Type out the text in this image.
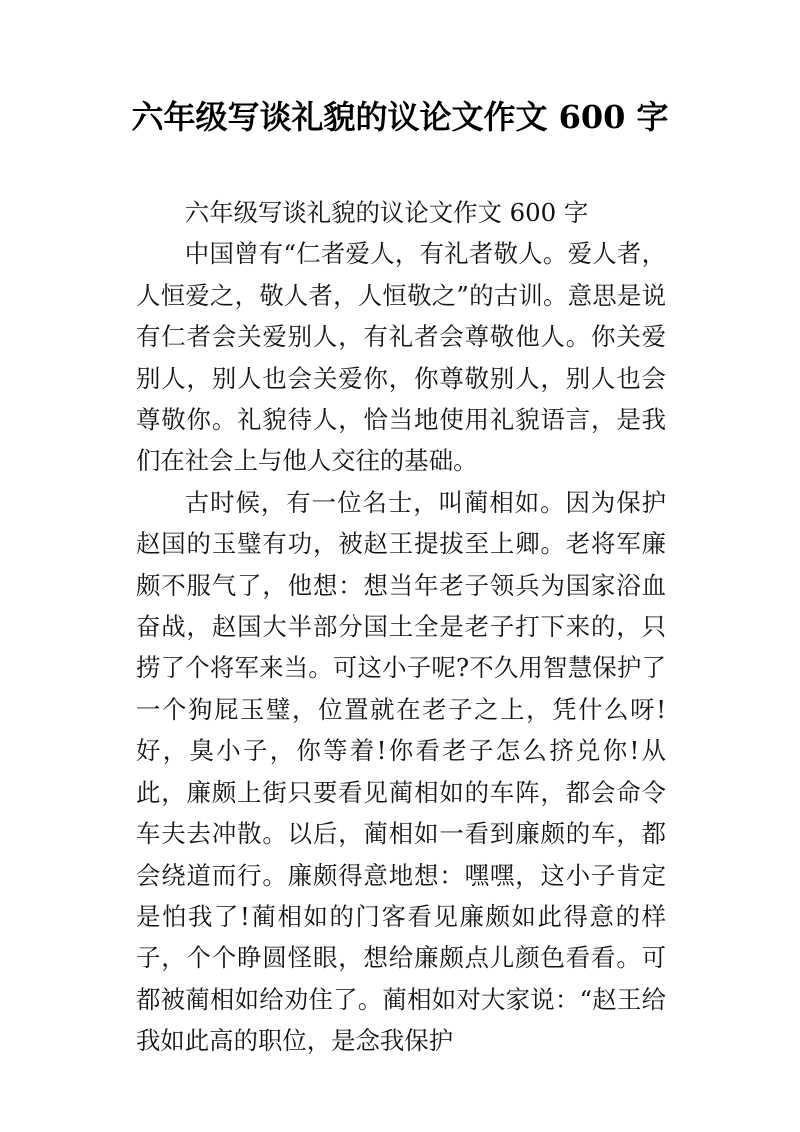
六年级写谈礼貌的议论文作文 600 字

六年级写谈礼貌的议论文作文 600 字

中国曾有“仁者爱人，有礼者敬人。爱人者，人恒爱之，敬人者，人恒敬之”的古训。意思是说有仁者会关爱别人，有礼者会尊敬他人。你关爱别人，别人也会关爱你，你尊敬别人，别人也会尊敬你。礼貌待人，恰当地使用礼貌语言，是我们在社会上与他人交往的基础。

古时候，有一位名士，叫蔺相如。因为保护赵国的玉璧有功，被赵王提拔至上卿。老将军廉颇不服气了，他想：想当年老子领兵为国家浴血奋战，赵国大半部分国土全是老子打下来的，只捞了个将军来当。可这小子呢?不久用智慧保护了一个狗屁玉璧，位置就在老子之上，凭什么呀!好，臭小子，你等着!你看老子怎么挤兑你!从此，廉颇上街只要看见蔺相如的车阵，都会命令车夫去冲散。以后，蔺相如一看到廉颇的车，都会绕道而行。廉颇得意地想：嘿嘿，这小子肯定是怕我了!蔺相如的门客看见廉颇如此得意的样子，个个睁圆怪眼，想给廉颇点儿颜色看看。可都被蔺相如给劝住了。蔺相如对大家说：“赵王给我如此高的职位，是念我保护
